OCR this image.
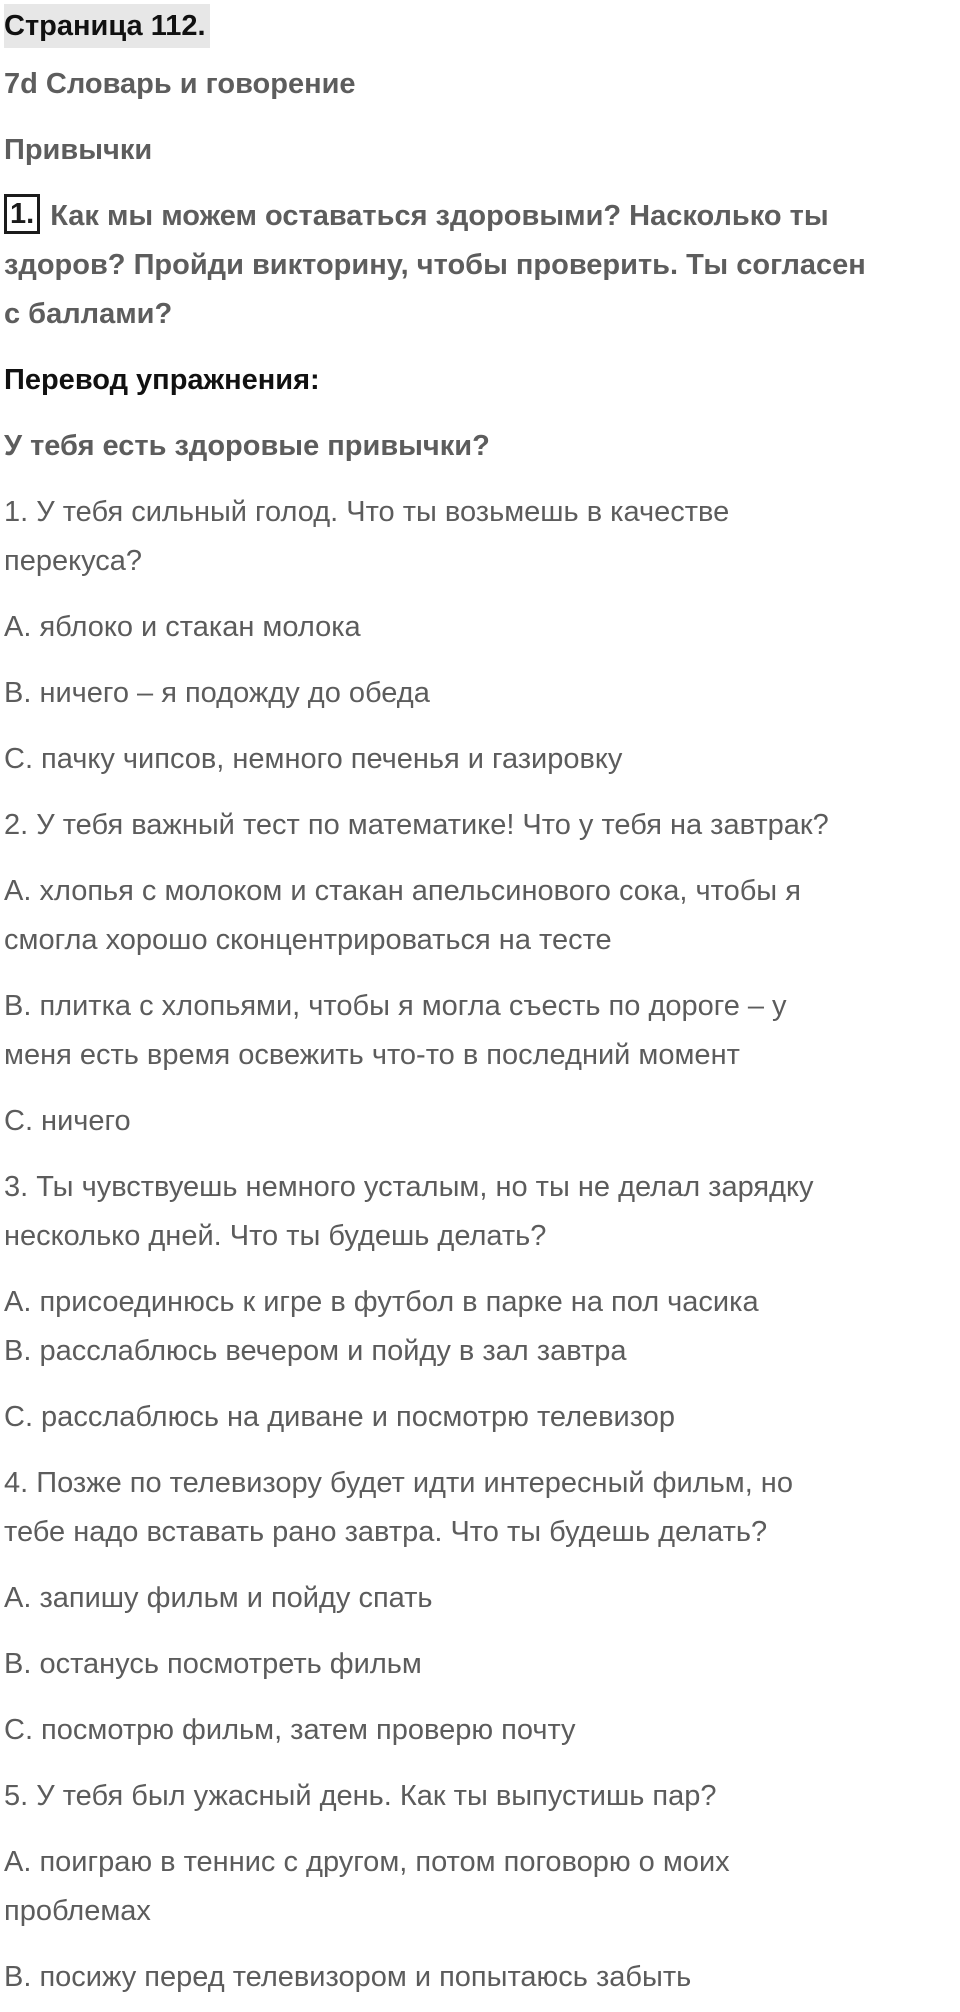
Страница 112.
7d Словарь и говорение
Привычки
1. Как мы можем оставаться здоровыми? Насколько ты
здоров? Пройди викторину, чтобы проверить. Ты согласен
с баллами?
Перевод упражнения:
У тебя есть здоровые привычки?
1. У тебя сильный голод. Что ты возьмешь в качестве
перекуса?
А. яблоко и стакан молока
В. ничего – я подожду до обеда
С. пачку чипсов, немного печенья и газировку
2. У тебя важный тест по математике! Что у тебя на завтрак?
А. хлопья с молоком и стакан апельсинового сока, чтобы я
смогла хорошо сконцентрироваться на тесте
В. плитка с хлопьями, чтобы я могла съесть по дороге – у
меня есть время освежить что-то в последний момент
С. ничего
3. Ты чувствуешь немного усталым, но ты не делал зарядку
несколько дней. Что ты будешь делать?
А. присоединюсь к игре в футбол в парке на пол часика
В. расслаблюсь вечером и пойду в зал завтра
С. расслаблюсь на диване и посмотрю телевизор
4. Позже по телевизору будет идти интересный фильм, но
тебе надо вставать рано завтра. Что ты будешь делать?
А. запишу фильм и пойду спать
В. останусь посмотреть фильм
С. посмотрю фильм, затем проверю почту
5. У тебя был ужасный день. Как ты выпустишь пар?
А. поиграю в теннис с другом, потом поговорю о моих
проблемах
В. посижу перед телевизором и попытаюсь забыть
